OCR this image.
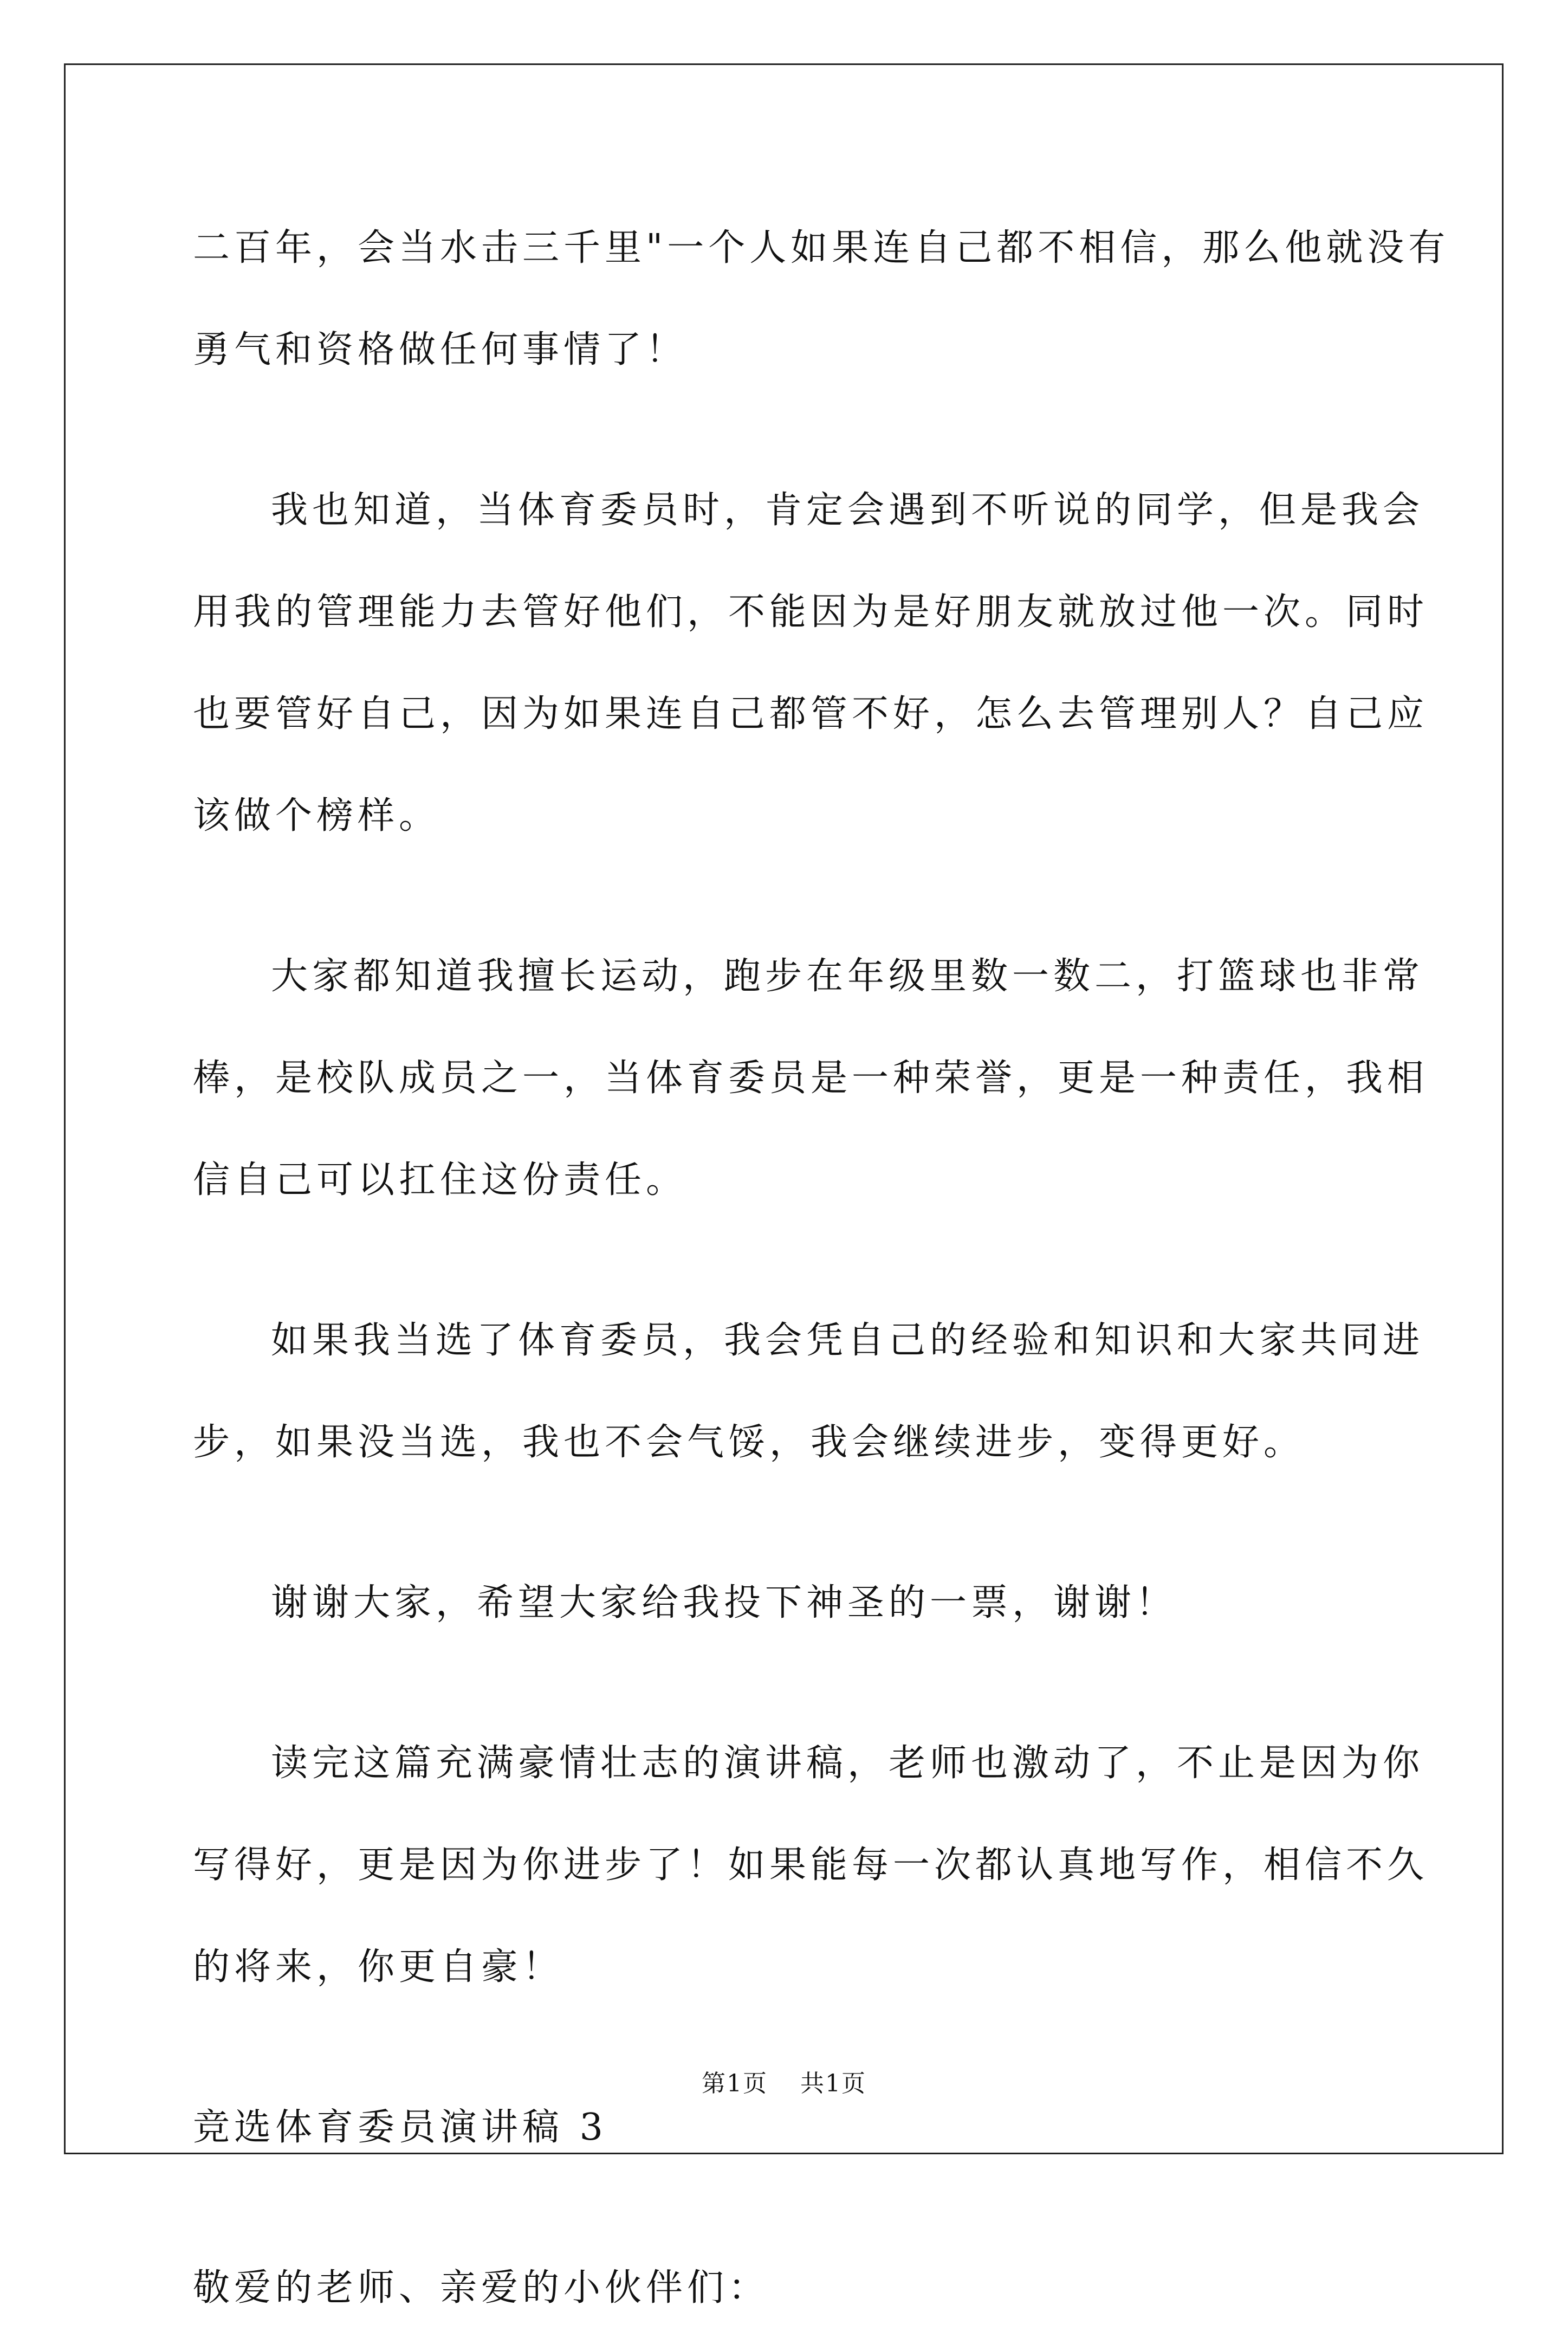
二百年，会当水击三千里"一个人如果连自己都不相信，那么他就没有
勇气和资格做任何事情了！
我也知道，当体育委员时，肯定会遇到不听说的同学，但是我会
用我的管理能力去管好他们，不能因为是好朋友就放过他一次。同时
也要管好自己，因为如果连自己都管不好，怎么去管理别人？自己应
该做个榜样。
大家都知道我擅长运动，跑步在年级里数一数二，打篮球也非常
棒，是校队成员之一，当体育委员是一种荣誉，更是一种责任，我相
信自己可以扛住这份责任。
如果我当选了体育委员，我会凭自己的经验和知识和大家共同进
步，如果没当选，我也不会气馁，我会继续进步，变得更好。
谢谢大家，希望大家给我投下神圣的一票，谢谢！
读完这篇充满豪情壮志的演讲稿，老师也激动了，不止是因为你
写得好，更是因为你进步了！如果能每一次都认真地写作，相信不久
的将来，你更自豪！
竞选体育委员演讲稿 3
敬爱的老师、亲爱的小伙伴们：
第1页 共1页
